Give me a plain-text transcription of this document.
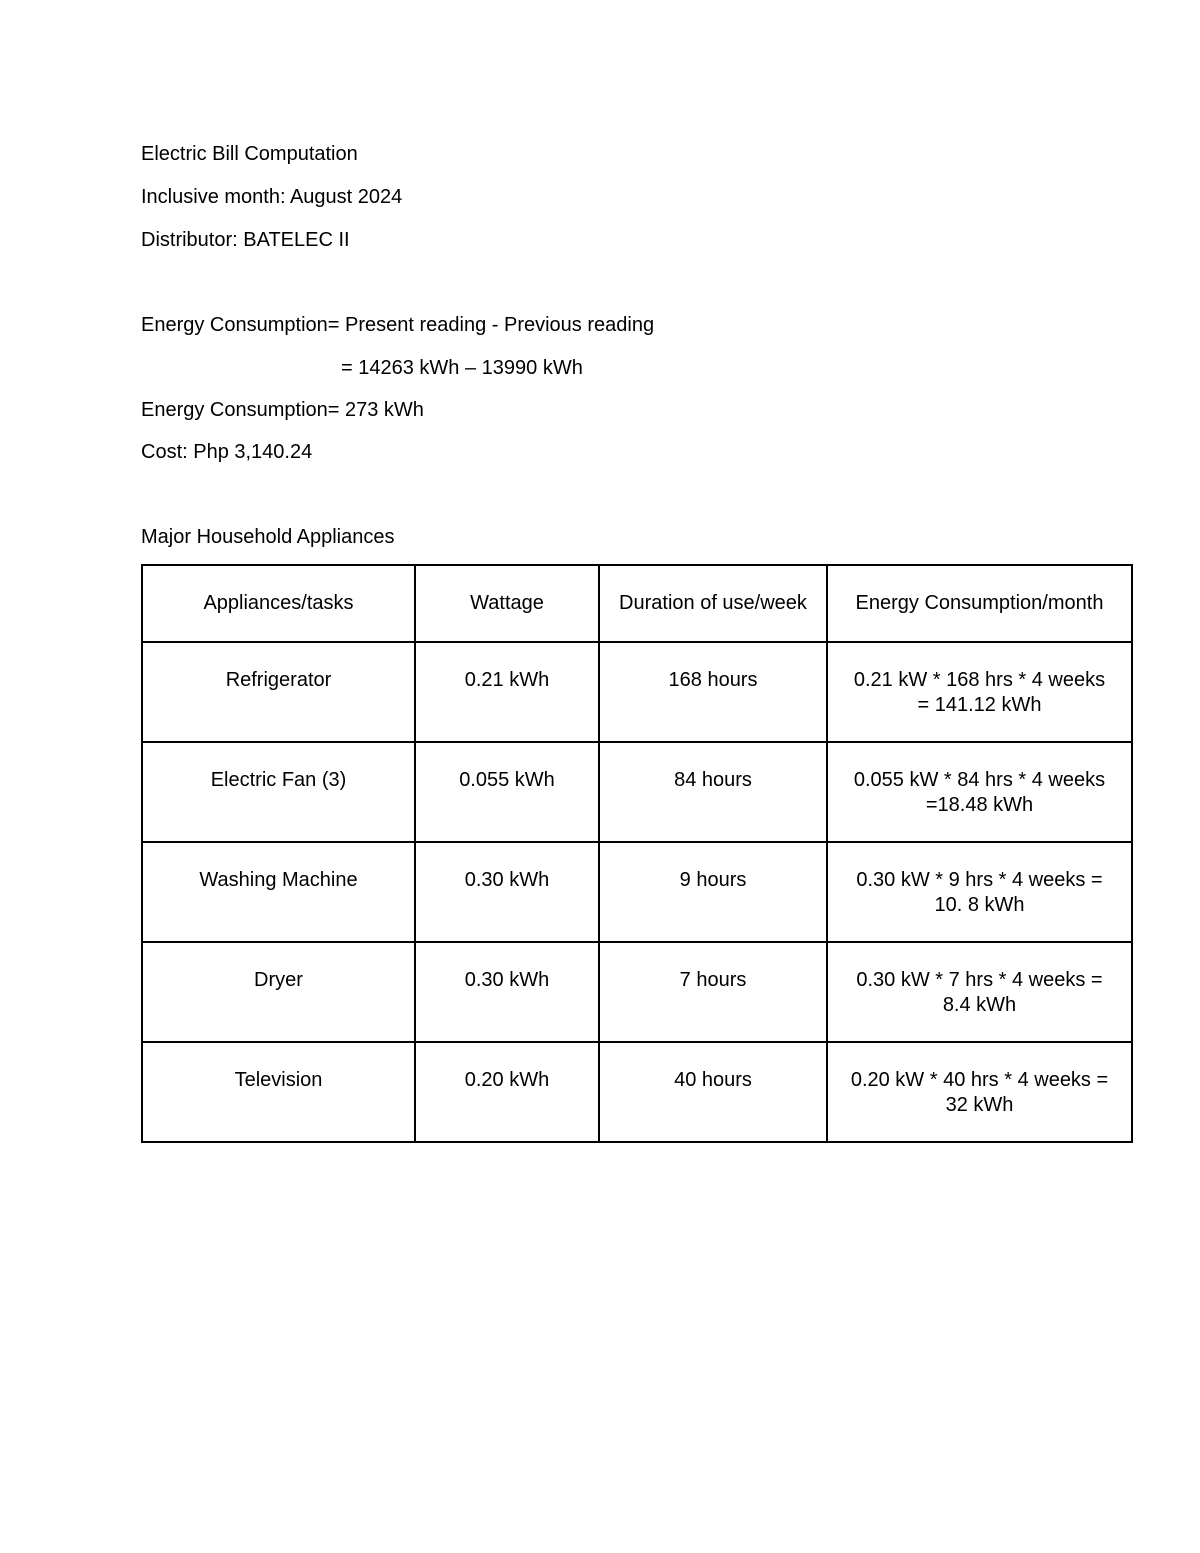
Electric Bill Computation
Inclusive month: August 2024
Distributor: BATELEC II
Energy Consumption= Present reading - Previous reading
= 14263 kWh – 13990 kWh
Energy Consumption= 273 kWh
Cost: Php 3,140.24
Major Household Appliances
Appliances/tasks	Wattage	Duration of use/week	Energy Consumption/month
Refrigerator	0.21 kWh	168 hours	0.21 kW * 168 hrs * 4 weeks
= 141.12 kWh

Electric Fan (3)	0.055 kWh	84 hours	0.055 kW * 84 hrs * 4 weeks
=18.48 kWh

Washing Machine	0.30 kWh	9 hours	0.30 kW * 9 hrs * 4 weeks =
10. 8 kWh

Dryer	0.30 kWh	7 hours	0.30 kW * 7 hrs * 4 weeks =
8.4 kWh

Television	0.20 kWh	40 hours	0.20 kW * 40 hrs * 4 weeks =
32 kWh
